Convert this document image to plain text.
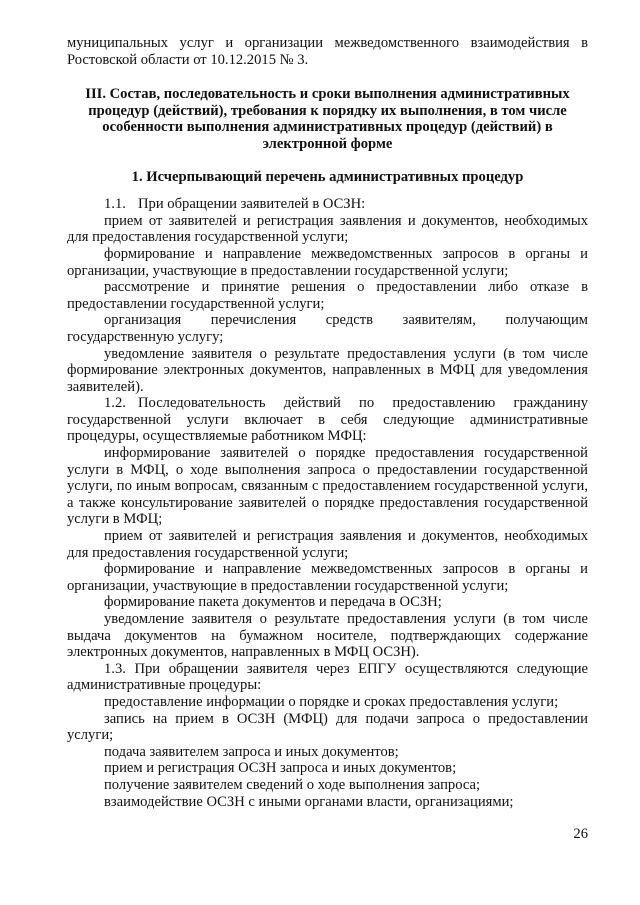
муниципальных услуг и организации межведомственного взаимодействия в Ростовской области от 10.12.2015 № 3.

III. Состав, последовательность и сроки выполнения административных процедур (действий), требования к порядку их выполнения, в том числе особенности выполнения административных процедур (действий) в электронной форме

1. Исчерпывающий перечень административных процедур

1.1. При обращении заявителей в ОСЗН:

прием от заявителей и регистрация заявления и документов, необходимых для предоставления государственной услуги;

формирование и направление межведомственных запросов в органы и организации, участвующие в предоставлении государственной услуги;

рассмотрение и принятие решения о предоставлении либо отказе в предоставлении государственной услуги;

организация перечисления средств заявителям, получающим государственную услугу;

уведомление заявителя о результате предоставления услуги (в том числе формирование электронных документов, направленных в МФЦ для уведомления заявителей).

1.2. Последовательность действий по предоставлению гражданину государственной услуги включает в себя следующие административные процедуры, осуществляемые работником МФЦ:

информирование заявителей о порядке предоставления государственной услуги в МФЦ, о ходе выполнения запроса о предоставлении государственной услуги, по иным вопросам, связанным с предоставлением государственной услуги, а также консультирование заявителей о порядке предоставления государственной услуги в МФЦ;

прием от заявителей и регистрация заявления и документов, необходимых для предоставления государственной услуги;

формирование и направление межведомственных запросов в органы и организации, участвующие в предоставлении государственной услуги;

формирование пакета документов и передача в ОСЗН;

уведомление заявителя о результате предоставления услуги (в том числе выдача документов на бумажном носителе, подтверждающих содержание электронных документов, направленных в МФЦ ОСЗН).

1.3. При обращении заявителя через ЕПГУ осуществляются следующие административные процедуры:

предоставление информации о порядке и сроках предоставления услуги;

запись на прием в ОСЗН (МФЦ) для подачи запроса о предоставлении услуги;

подача заявителем запроса и иных документов;

прием и регистрация ОСЗН запроса и иных документов;

получение заявителем сведений о ходе выполнения запроса;

взаимодействие ОСЗН с иными органами власти, организациями;

26
